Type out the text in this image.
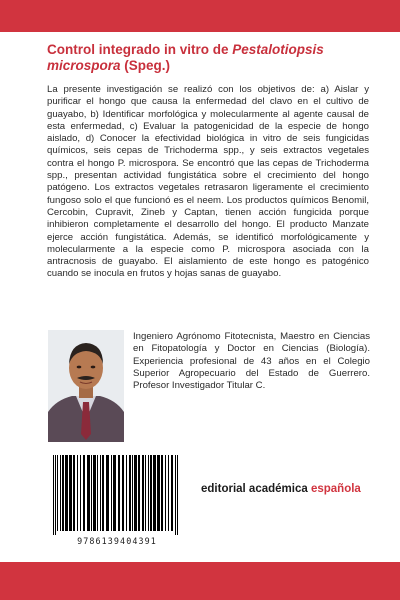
Control integrado in vitro de Pestalotiopsis microspora (Speg.)

La presente investigación se realizó con los objetivos de: a) Aislar y purificar el hongo que causa la enfermedad del clavo en el cultivo de guayabo, b) Identificar morfológica y molecularmente al agente causal de esta enfermedad, c) Evaluar la patogenicidad de la especie de hongo aislado, d) Conocer la efectividad biológica in vitro de seis fungicidas químicos, seis cepas de Trichoderma spp., y seis extractos vegetales contra el hongo P. microspora. Se encontró que las cepas de Trichoderma spp., presentan actividad fungistática sobre el crecimiento del hongo patógeno. Los extractos vegetales retrasaron ligeramente el crecimiento fungoso solo el que funcionó es el neem. Los productos químicos Benomil, Cercobin, Cupravit, Zineb y Captan, tienen acción fungicida porque inhibieron completamente el desarrollo del hongo. El producto Manzate ejerce acción fungistática. Además, se identificó morfológicamente y molecularmente a la especie como P. microspora asociada con la antracnosis de guayabo. El aislamiento de este hongo es patogénico cuando se inocula en frutos y hojas sanas de guayabo.

Ingeniero Agrónomo Fitotecnista, Maestro en Ciencias en Fitopatología y Doctor en Ciencias (Biología). Experiencia profesional de 43 años en el Colegio Superior Agropecuario del Estado de Guerrero. Profesor Investigador Titular C.

9786139404391
editorial académica española
